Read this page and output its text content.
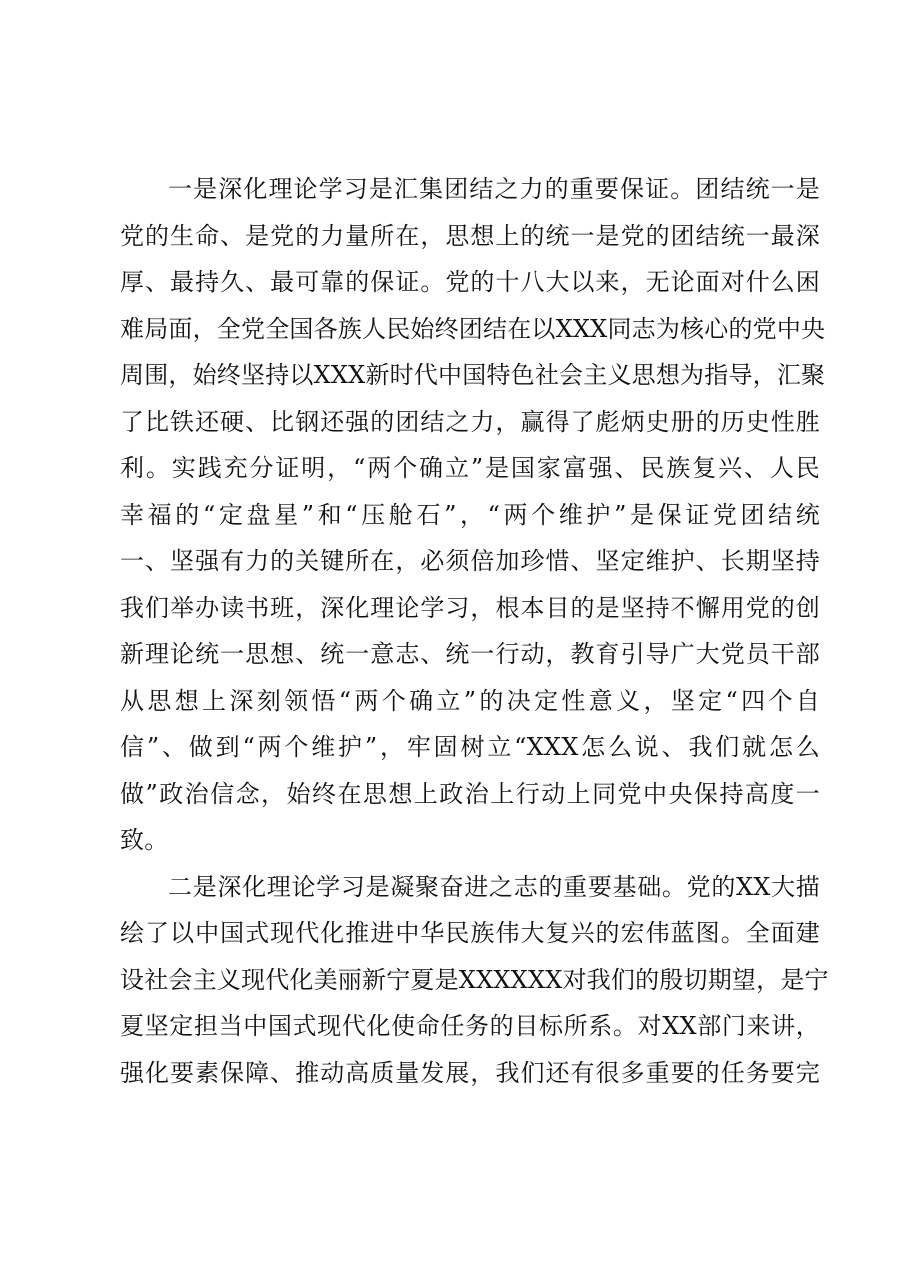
一是深化理论学习是汇集团结之力的重要保证。团结统一是
党的生命、是党的力量所在，思想上的统一是党的团结统一最深
厚、最持久、最可靠的保证。党的十八大以来，无论面对什么困
难局面，全党全国各族人民始终团结在以XXX同志为核心的党中央
周围，始终坚持以XXX新时代中国特色社会主义思想为指导，汇聚
了比铁还硬、比钢还强的团结之力，赢得了彪炳史册的历史性胜
利。实践充分证明，“两个确立”是国家富强、民族复兴、人民
幸福的“定盘星”和“压舱石”，“两个维护”是保证党团结统
一、坚强有力的关键所在，必须倍加珍惜、坚定维护、长期坚持
我们举办读书班，深化理论学习，根本目的是坚持不懈用党的创
新理论统一思想、统一意志、统一行动，教育引导广大党员干部
从思想上深刻领悟“两个确立”的决定性意义，坚定“四个自
信”、做到“两个维护”，牢固树立“XXX怎么说、我们就怎么
做”政治信念，始终在思想上政治上行动上同党中央保持高度一
致。
二是深化理论学习是凝聚奋进之志的重要基础。党的XX大描
绘了以中国式现代化推进中华民族伟大复兴的宏伟蓝图。全面建
设社会主义现代化美丽新宁夏是XXXXXX对我们的殷切期望，是宁
夏坚定担当中国式现代化使命任务的目标所系。对XX部门来讲，
强化要素保障、推动高质量发展，我们还有很多重要的任务要完
